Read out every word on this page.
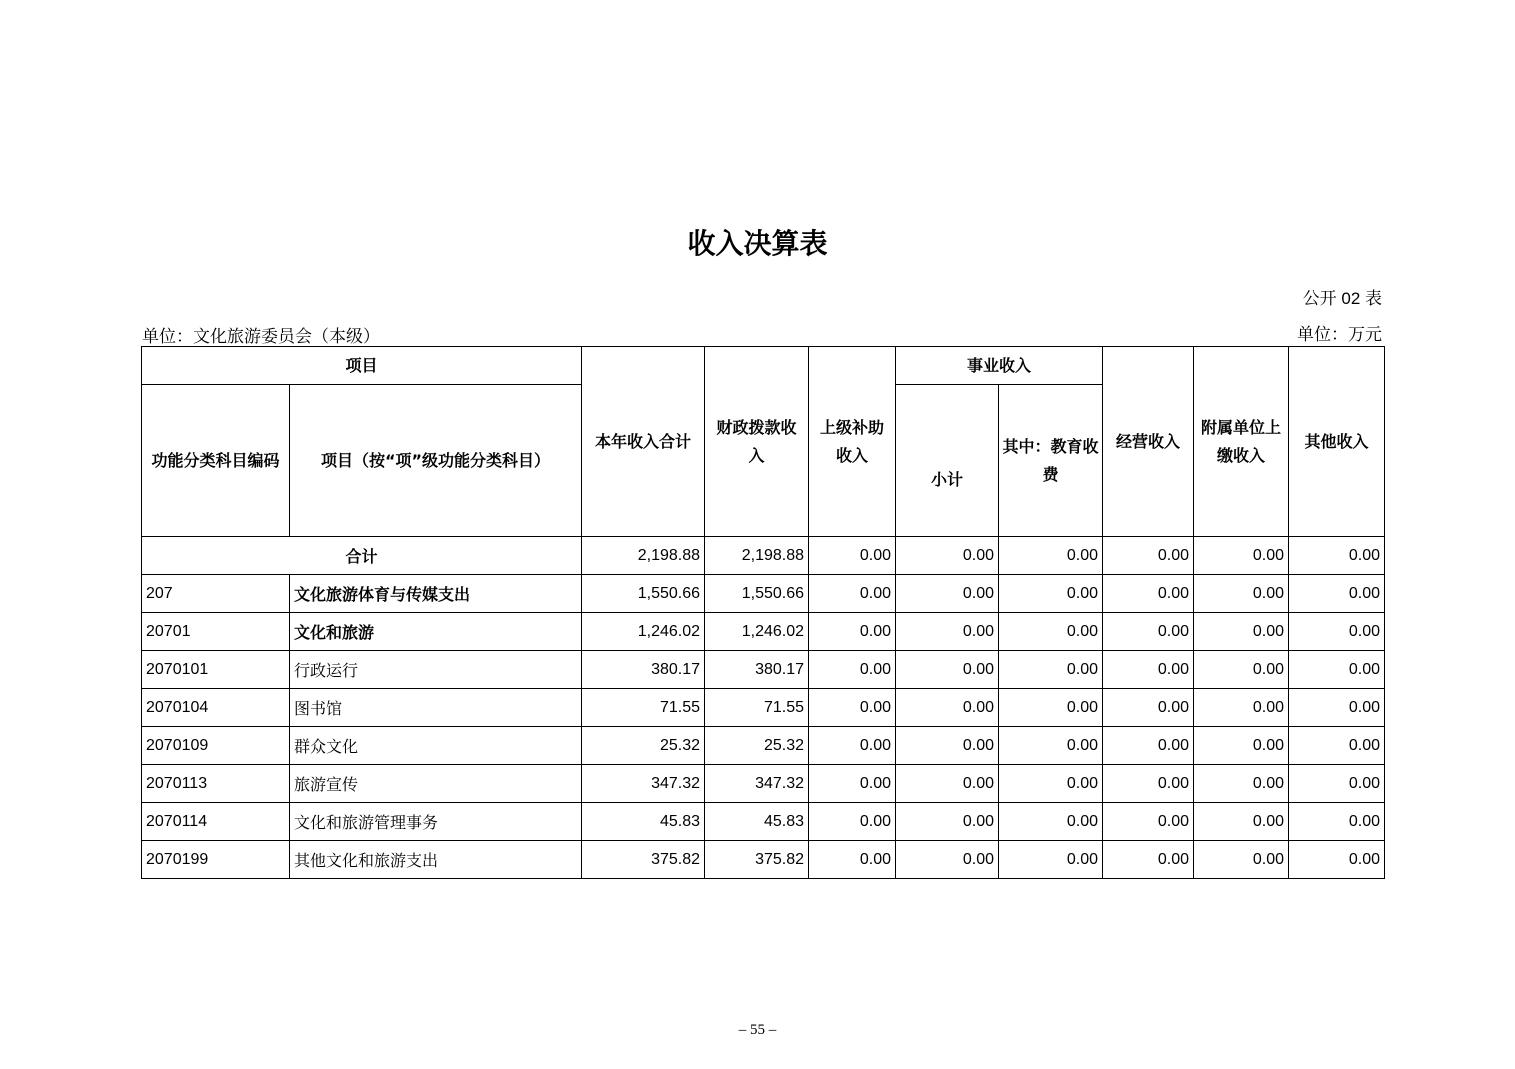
收入决算表
公开 02 表
单位：文化旅游委员会（本级）	单位：万元
项目		本年收入合计	财政拨款收入	上级补助收入	事业收入		经营收入	附属单位上缴收入	其他收入
功能分类科目编码	项目（按“项”级功能分类科目）				小计	其中：教育收费			
合计		2,198.88	2,198.88	0.00	0.00	0.00	0.00	0.00	0.00
207	文化旅游体育与传媒支出	1,550.66	1,550.66	0.00	0.00	0.00	0.00	0.00	0.00
20701	文化和旅游	1,246.02	1,246.02	0.00	0.00	0.00	0.00	0.00	0.00
2070101	行政运行	380.17	380.17	0.00	0.00	0.00	0.00	0.00	0.00
2070104	图书馆	71.55	71.55	0.00	0.00	0.00	0.00	0.00	0.00
2070109	群众文化	25.32	25.32	0.00	0.00	0.00	0.00	0.00	0.00
2070113	旅游宣传	347.32	347.32	0.00	0.00	0.00	0.00	0.00	0.00
2070114	文化和旅游管理事务	45.83	45.83	0.00	0.00	0.00	0.00	0.00	0.00
2070199	其他文化和旅游支出	375.82	375.82	0.00	0.00	0.00	0.00	0.00	0.00
– 55 –
